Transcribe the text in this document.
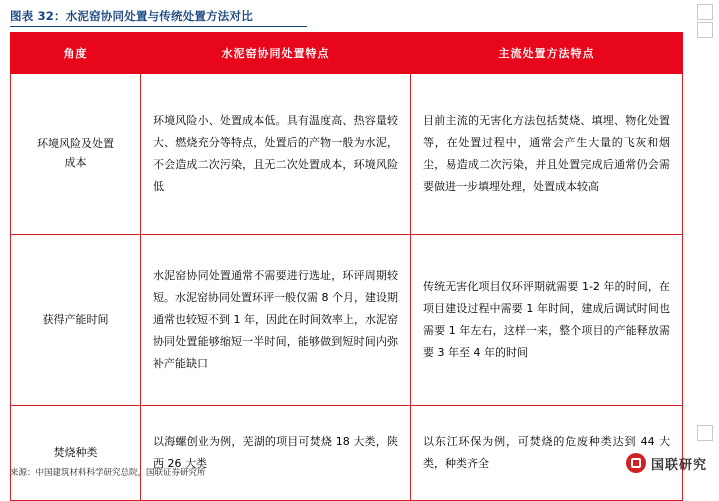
图表 32：水泥窑协同处置与传统处置方法对比
角度	水泥窑协同处置特点	主流处置方法特点
环境风险及处置
成本	环境风险小、处置成本低。具有温度高、热容量较大、燃烧充分等特点，处置后的产物一般为水泥，不会造成二次污染，且无二次处置成本，环境风险低	目前主流的无害化方法包括焚烧、填埋、物化处置等，在处置过程中，通常会产生大量的飞灰和烟尘，易造成二次污染，并且处置完成后通常仍会需要做进一步填埋处理，处置成本较高
获得产能时间	水泥窑协同处置通常不需要进行选址，环评周期较短。水泥窑协同处置环评一般仅需 8 个月，建设期通常也较短不到 1 年，因此在时间效率上，水泥窑协同处置能够缩短一半时间，能够做到短时间内弥补产能缺口	传统无害化项目仅环评期就需要 1-2 年的时间，在项目建设过程中需要 1 年时间，建成后调试时间也需要 1 年左右，这样一来，整个项目的产能释放需要 3 年至 4 年的时间
焚烧种类	以海螺创业为例，芜湖的项目可焚烧 18 大类，陕西 26 大类	以东江环保为例，可焚烧的危废种类达到 44 大类，种类齐全
来源：中国建筑材料科学研究总院，国联证券研究所
国联研究
